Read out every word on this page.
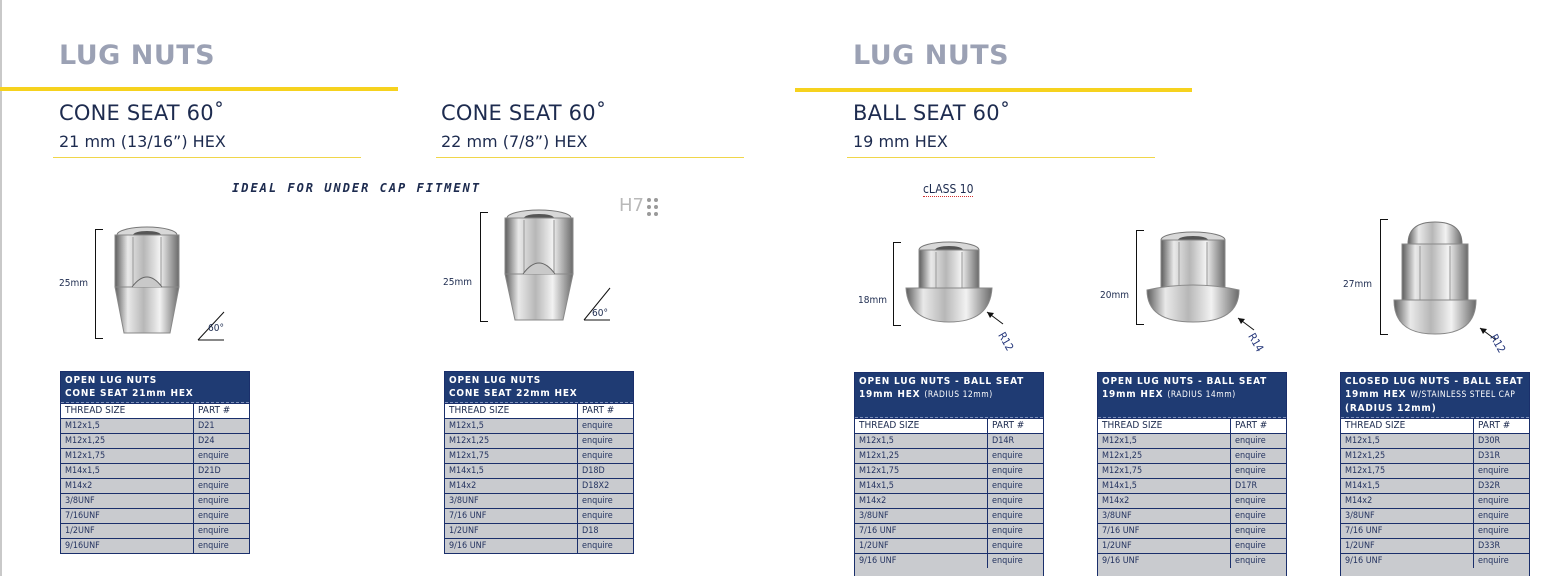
LUG NUTS
CONE SEAT 60˚
21 mm (13/16”) HEX
CONE SEAT 60˚
22 mm (7/8”) HEX
IDEAL FOR UNDER CAP FITMENT
H7
25mm
60°
25mm
60°
OPEN LUG NUTS
CONE SEAT 21mm HEX
THREAD SIZE	PART #
M12x1,5	D21
M12x1,25	D24
M12x1,75	enquire
M14x1,5	D21D
M14x2	enquire
3/8UNF	enquire
7/16UNF	enquire
1/2UNF	enquire
9/16UNF	enquire
OPEN LUG NUTS
CONE SEAT 22mm HEX
THREAD SIZE	PART #
M12x1,5	enquire
M12x1,25	enquire
M12x1,75	enquire
M14x1,5	D18D
M14x2	D18X2
3/8UNF	enquire
7/16 UNF	enquire
1/2UNF	D18
9/16 UNF	enquire
LUG NUTS
BALL SEAT 60˚
19 mm HEX
cLASS 10
18mm
R12
20mm
R14
27mm
R12
OPEN LUG NUTS - BALL SEAT
19mm HEX (RADIUS 12mm)
THREAD SIZE	PART #
M12x1,5	D14R
M12x1,25	enquire
M12x1,75	enquire
M14x1,5	enquire
M14x2	enquire
3/8UNF	enquire
7/16 UNF	enquire
1/2UNF	enquire
9/16 UNF	enquire
OPEN LUG NUTS - BALL SEAT
19mm HEX (RADIUS 14mm)
THREAD SIZE	PART #
M12x1,5	enquire
M12x1,25	enquire
M12x1,75	enquire
M14x1,5	D17R
M14x2	enquire
3/8UNF	enquire
7/16 UNF	enquire
1/2UNF	enquire
9/16 UNF	enquire
CLOSED LUG NUTS - BALL SEAT
19mm HEX W/STAINLESS STEEL CAP
(RADIUS 12mm)
THREAD SIZE	PART #
M12x1,5	D30R
M12x1,25	D31R
M12x1,75	enquire
M14x1,5	D32R
M14x2	enquire
3/8UNF	enquire
7/16 UNF	enquire
1/2UNF	D33R
9/16 UNF	enquire
